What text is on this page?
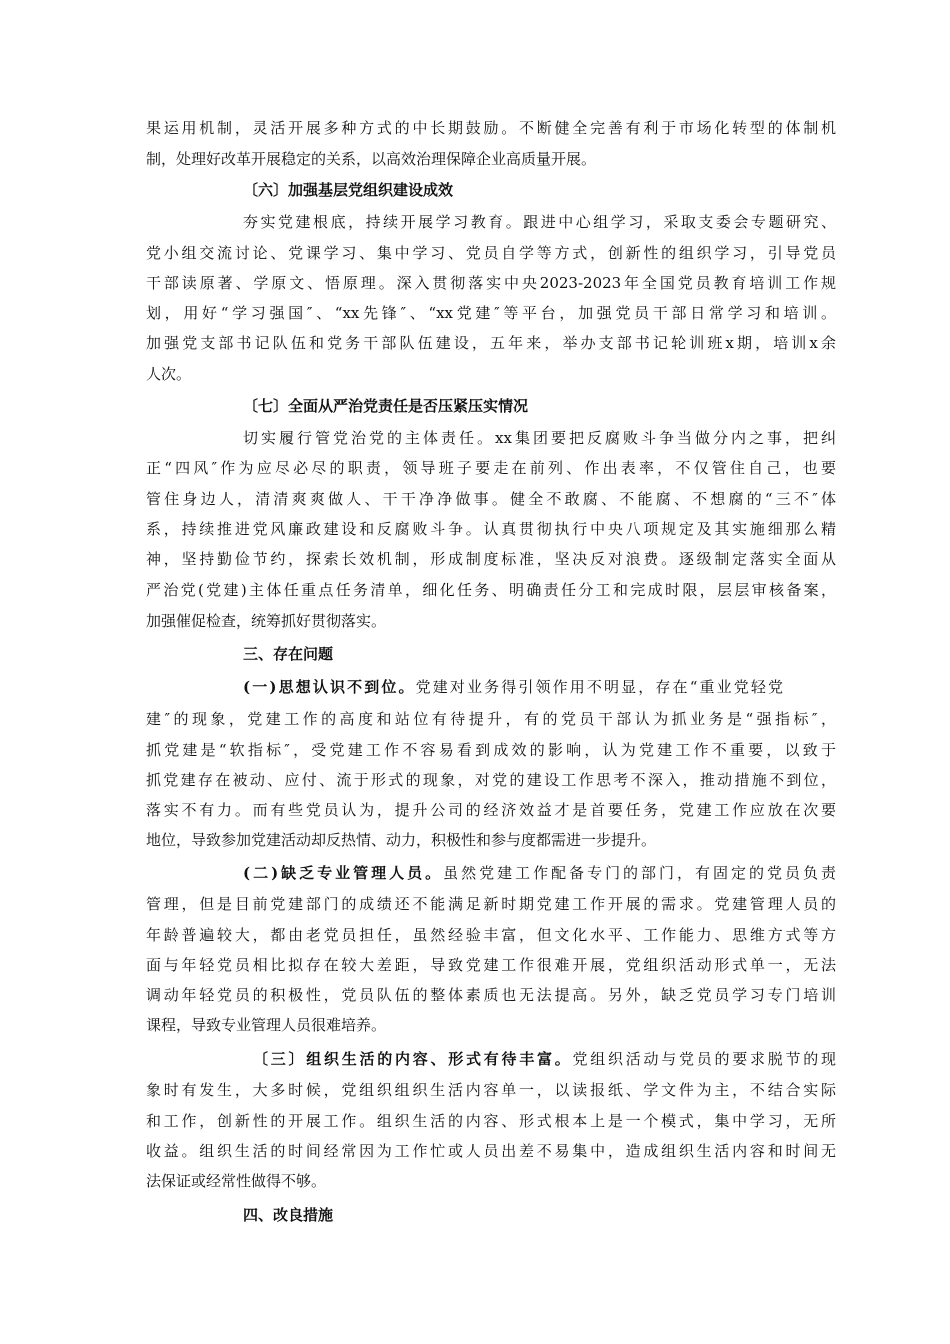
果运用机制，灵活开展多种方式的中长期鼓励。不断健全完善有利于市场化转型的体制机
制，处理好改革开展稳定的关系，以高效治理保障企业高质量开展。
〔六〕加强基层党组织建设成效
夯实党建根底，持续开展学习教育。跟进中心组学习，采取支委会专题研究、
党小组交流讨论、党课学习、集中学习、党员自学等方式，创新性的组织学习，引导党员
干部读原著、学原文、悟原理。深入贯彻落实中央2023-2023年全国党员教育培训工作规
划，用好“学习强国″、“xx先锋″、“xx党建″等平台，加强党员干部日常学习和培训。
加强党支部书记队伍和党务干部队伍建设，五年来，举办支部书记轮训班x期，培训x余
人次。
〔七〕全面从严治党责任是否压紧压实情况
切实履行管党治党的主体责任。xx集团要把反腐败斗争当做分内之事，把纠
正“四风″作为应尽必尽的职责，领导班子要走在前列、作出表率，不仅管住自己，也要
管住身边人，清清爽爽做人、干干净净做事。健全不敢腐、不能腐、不想腐的“三不″体
系，持续推进党风廉政建设和反腐败斗争。认真贯彻执行中央八项规定及其实施细那么精
神，坚持勤俭节约，探索长效机制，形成制度标准，坚决反对浪费。逐级制定落实全面从
严治党(党建)主体任重点任务清单，细化任务、明确责任分工和完成时限，层层审核备案，
加强催促检查，统筹抓好贯彻落实。
三、存在问题
(一)思想认识不到位。党建对业务得引领作用不明显，存在“重业党轻党
建″的现象，党建工作的高度和站位有待提升，有的党员干部认为抓业务是“强指标″，
抓党建是“软指标″，受党建工作不容易看到成效的影响，认为党建工作不重要，以致于
抓党建存在被动、应付、流于形式的现象，对党的建设工作思考不深入，推动措施不到位，
落实不有力。而有些党员认为，提升公司的经济效益才是首要任务，党建工作应放在次要
地位，导致参加党建活动却反热情、动力，积极性和参与度都需进一步提升。
(二)缺乏专业管理人员。虽然党建工作配备专门的部门，有固定的党员负责
管理，但是目前党建部门的成绩还不能满足新时期党建工作开展的需求。党建管理人员的
年龄普遍较大，都由老党员担任，虽然经验丰富，但文化水平、工作能力、思维方式等方
面与年轻党员相比拟存在较大差距，导致党建工作很难开展，党组织活动形式单一，无法
调动年轻党员的积极性，党员队伍的整体素质也无法提高。另外，缺乏党员学习专门培训
课程，导致专业管理人员很难培养。
〔三〕组织生活的内容、形式有待丰富。党组织活动与党员的要求脱节的现
象时有发生，大多时候，党组织组织生活内容单一，以读报纸、学文件为主，不结合实际
和工作，创新性的开展工作。组织生活的内容、形式根本上是一个模式，集中学习，无所
收益。组织生活的时间经常因为工作忙或人员出差不易集中，造成组织生活内容和时间无
法保证或经常性做得不够。
四、改良措施
